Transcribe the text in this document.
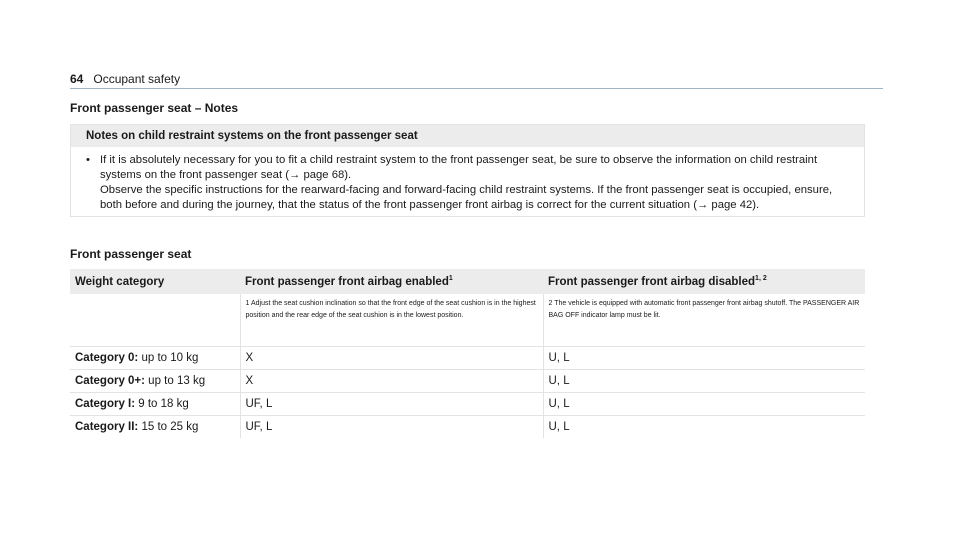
64 Occupant safety
Front passenger seat – Notes
Notes on child restraint systems on the front passenger seat
• If it is absolutely necessary for you to fit a child restraint system to the front passenger seat, be sure to observe the information on child restraint systems on the front passenger seat (→ page 68).

Observe the specific instructions for the rearward-facing and forward-facing child restraint systems. If the front passenger seat is occupied, ensure, both before and during the journey, that the status of the front passenger front airbag is correct for the current situation (→ page 42).

Front passenger seat
Weight category	Front passenger front airbag enabled$^1$	Front passenger front airbag disabled$^{1, 2}$
	1 Adjust the seat cushion inclination so that the front edge of the seat cushion is in the highest position and the rear edge of the seat cushion is in the lowest position.	2 The vehicle is equipped with automatic front passenger front airbag shutoff. The PASSENGER AIR BAG OFF indicator lamp must be lit.
Category 0: up to 10 kg	X	U, L
Category 0+: up to 13 kg	X	U, L
Category I: 9 to 18 kg	UF, L	U, L
Category II: 15 to 25 kg	UF, L	U, L
